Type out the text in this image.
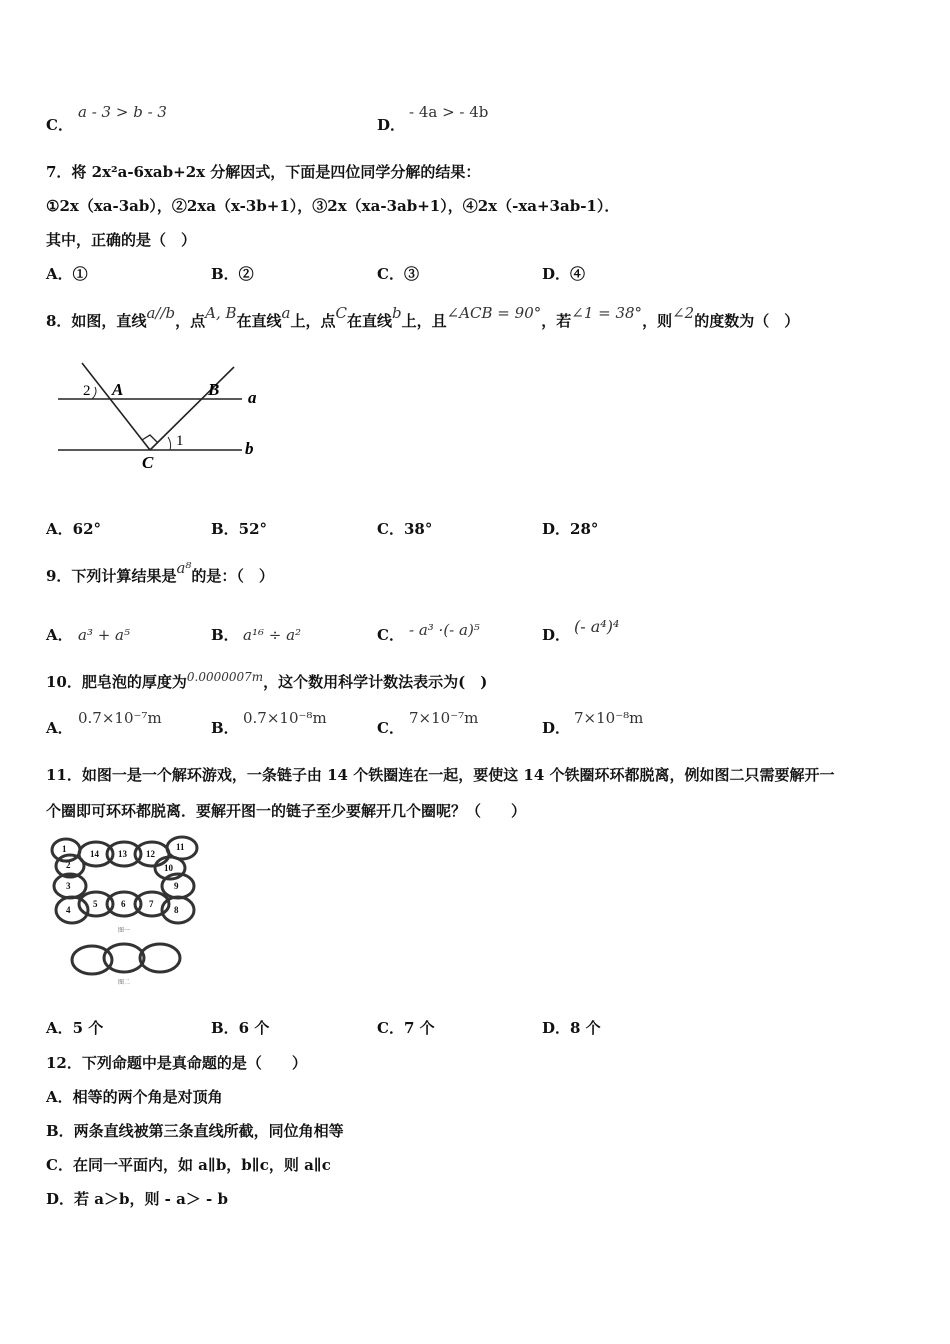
C．
a - 3 > b - 3
D．
- 4a > - 4b
7．将 2x²a-6xab+2x 分解因式，下面是四位同学分解的结果：
①2x（xa-3ab），②2xa（x-3b+1），③2x（xa-3ab+1），④2x（-xa+3ab-1）．
其中，正确的是（　）
A．①	B．②	C．③	D．④
8．如图，直线a//b，点A, B在直线a上，点C在直线b上，且∠ACB = 90°，若∠1 = 38°，则∠2的度数为（　）
A	B
C
a
b
1
2
A．62°	B．52°	C．38°	D．28°
9．下列计算结果是a⁸的是：（　）
A． a³ + a⁵	B． a¹⁶ ÷ a²	C． - a³ ·(- a)⁵	D． (- a⁴)⁴
10．肥皂泡的厚度为$^{0.0000007m}$，这个数用科学计数法表示为(　)
A．
0.7×10⁻⁷m
B．
0.7×10⁻⁸m
C．
7×10⁻⁷m
D．
7×10⁻⁸m
11．如图一是一个解环游戏，一条链子由 14 个铁圈连在一起，要使这 14 个铁圈环环都脱离，例如图二只需要解开一
个圈即可环环都脱离．要解开图一的链子至少要解开几个圈呢？（　　）
1
2
3
4
5	6	7
8
9
10
11
12
13
14
图一
图二
A．5 个	B．6 个	C．7 个	D．8 个
12．下列命题中是真命题的是（　　）
A．相等的两个角是对顶角
B．两条直线被第三条直线所截，同位角相等
C．在同一平面内，如 a∥b，b∥c，则 a∥c
D．若 a＞b，则 - a＞ - b
